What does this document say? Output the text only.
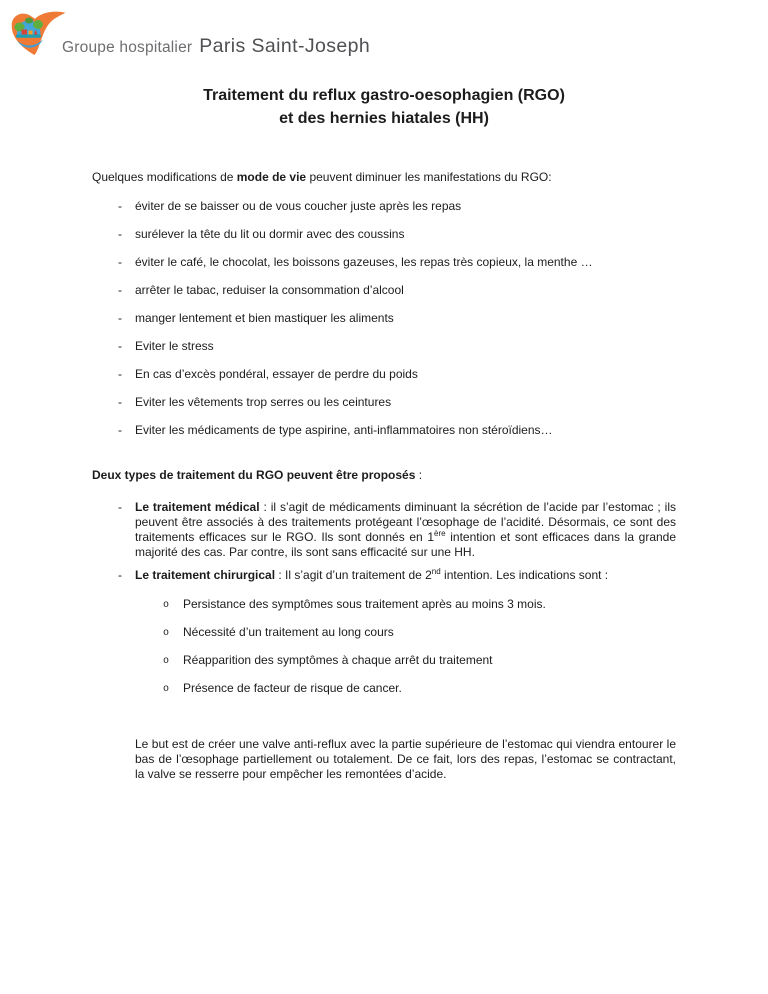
Groupe hospitalier Paris Saint-Joseph
Traitement du reflux gastro-oesophagien (RGO)
et des hernies hiatales (HH)
Quelques modifications de mode de vie peuvent diminuer les manifestations du RGO:
- éviter de se baisser ou de vous coucher juste après les repas
- surélever la tête du lit ou dormir avec des coussins
- éviter le café, le chocolat, les boissons gazeuses, les repas très copieux, la menthe …
- arrêter le tabac, reduiser la consommation d’alcool
- manger lentement et bien mastiquer les aliments
- Eviter le stress
- En cas d’excès pondéral, essayer de perdre du poids
- Eviter les vêtements trop serres ou les ceintures
- Eviter les médicaments de type aspirine, anti-inflammatoires non stéroïdiens…
Deux types de traitement du RGO peuvent être proposés :
- Le traitement médical : il s’agit de médicaments diminuant la sécrétion de l’acide par l’estomac ; ils peuvent être associés à des traitements protégeant l’œsophage de l’acidité. Désormais, ce sont des traitements efficaces sur le RGO. Ils sont donnés en 1ère intention et sont efficaces dans la grande majorité des cas. Par contre, ils sont sans efficacité sur une HH.
- Le traitement chirurgical : Il s’agit d’un traitement de 2nd intention. Les indications sont :
o Persistance des symptômes sous traitement après au moins 3 mois.
o Nécessité d’un traitement au long cours
o Réapparition des symptômes à chaque arrêt du traitement
o Présence de facteur de risque de cancer.
Le but est de créer une valve anti-reflux avec la partie supérieure de l’estomac qui viendra entourer le bas de l’œsophage partiellement ou totalement. De ce fait, lors des repas, l’estomac se contractant, la valve se resserre pour empêcher les remontées d’acide.
